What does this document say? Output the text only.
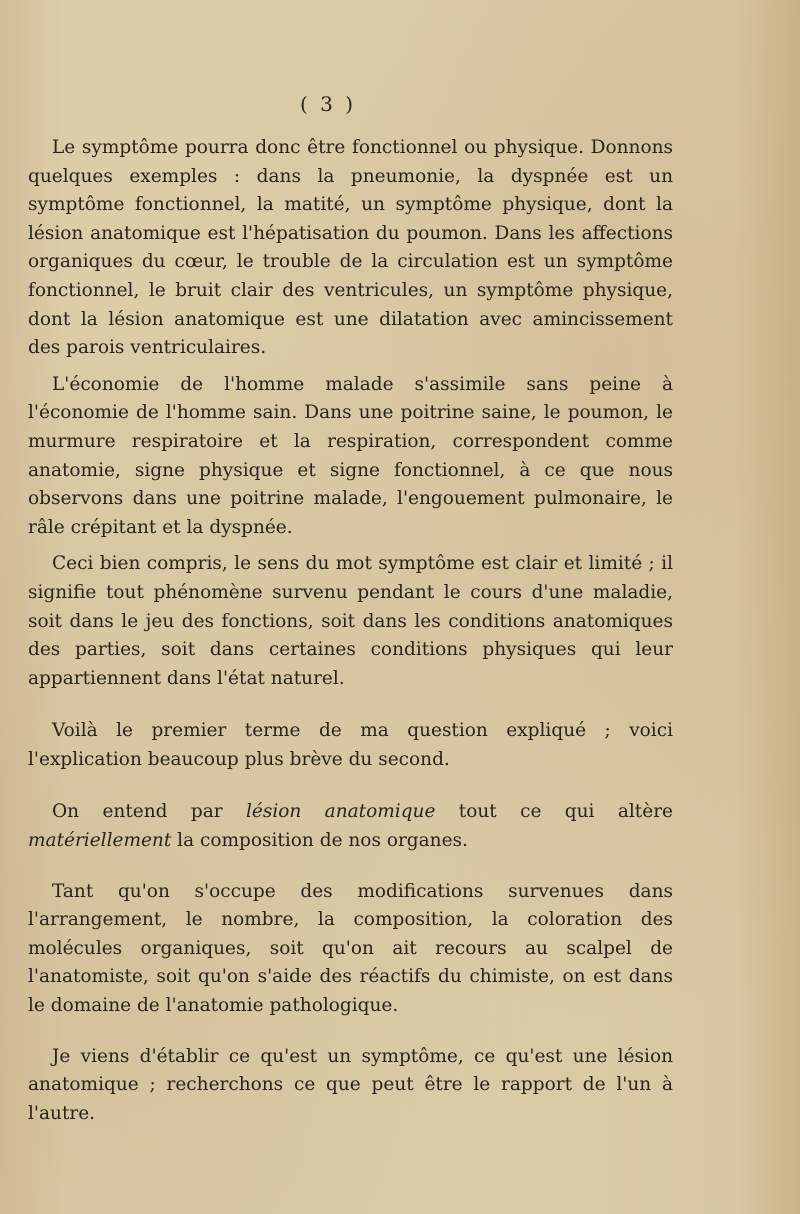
( 3 )

Le symptôme pourra donc être fonctionnel ou physique. Donnons quelques exemples : dans la pneumonie, la dyspnée est un symptôme fonctionnel, la matité, un symptôme physique, dont la lésion anatomique est l'hépatisation du poumon. Dans les affections organiques du cœur, le trouble de la circulation est un symptôme fonctionnel, le bruit clair des ventricules, un symptôme physique, dont la lésion anatomique est une dilatation avec amincissement des parois ventriculaires.

L'économie de l'homme malade s'assimile sans peine à l'économie de l'homme sain. Dans une poitrine saine, le poumon, le murmure respiratoire et la respiration, correspondent comme anatomie, signe physique et signe fonctionnel, à ce que nous observons dans une poitrine malade, l'engouement pulmonaire, le râle crépitant et la dyspnée.

Ceci bien compris, le sens du mot symptôme est clair et limité ; il signifie tout phénomène survenu pendant le cours d'une maladie, soit dans le jeu des fonctions, soit dans les conditions anatomiques des parties, soit dans certaines conditions physiques qui leur appartiennent dans l'état naturel.

Voilà le premier terme de ma question expliqué ; voici l'explication beaucoup plus brève du second.

On entend par lésion anatomique tout ce qui altère matériellement la composition de nos organes.

Tant qu'on s'occupe des modifications survenues dans l'arrangement, le nombre, la composition, la coloration des molécules organiques, soit qu'on ait recours au scalpel de l'anatomiste, soit qu'on s'aide des réactifs du chimiste, on est dans le domaine de l'anatomie pathologique.

Je viens d'établir ce qu'est un symptôme, ce qu'est une lésion anatomique ; recherchons ce que peut être le rapport de l'un à l'autre.
